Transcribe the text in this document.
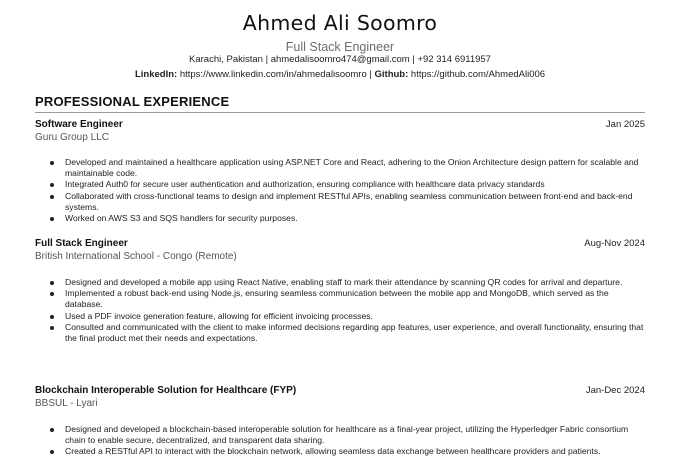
Ahmed Ali Soomro
Full Stack Engineer
Karachi, Pakistan | ahmedalisoomro474@gmail.com | +92 314 6911957
LinkedIn: https://www.linkedin.com/in/ahmedalisoomro | Github: https://github.com/AhmedAli006
PROFESSIONAL EXPERIENCE
Software Engineer	Jan 2025
Guru Group LLC
Developed and maintained a healthcare application using ASP.NET Core and React, adhering to the Onion Architecture design pattern for scalable and maintainable code.
Integrated Auth0 for secure user authentication and authorization, ensuring compliance with healthcare data privacy standards
Collaborated with cross-functional teams to design and implement RESTful APIs, enabling seamless communication between front-end and back-end systems.
Worked on AWS S3 and SQS handlers for security purposes.
Full Stack Engineer	Aug-Nov 2024
British International School - Congo (Remote)
Designed and developed a mobile app using React Native, enabling staff to mark their attendance by scanning QR codes for arrival and departure.
Implemented a robust back-end using Node.js, ensuring seamless communication between the mobile app and MongoDB, which served as the database.
Used a PDF invoice generation feature, allowing for efficient invoicing processes.
Consulted and communicated with the client to make informed decisions regarding app features, user experience, and overall functionality, ensuring that the final product met their needs and expectations.
Blockchain Interoperable Solution for Healthcare (FYP)	Jan-Dec 2024
BBSUL - Lyari
Designed and developed a blockchain-based interoperable solution for healthcare as a final-year project, utilizing the Hyperledger Fabric consortium chain to enable secure, decentralized, and transparent data sharing.
Created a RESTful API to interact with the blockchain network, allowing seamless data exchange between healthcare providers and patients.
